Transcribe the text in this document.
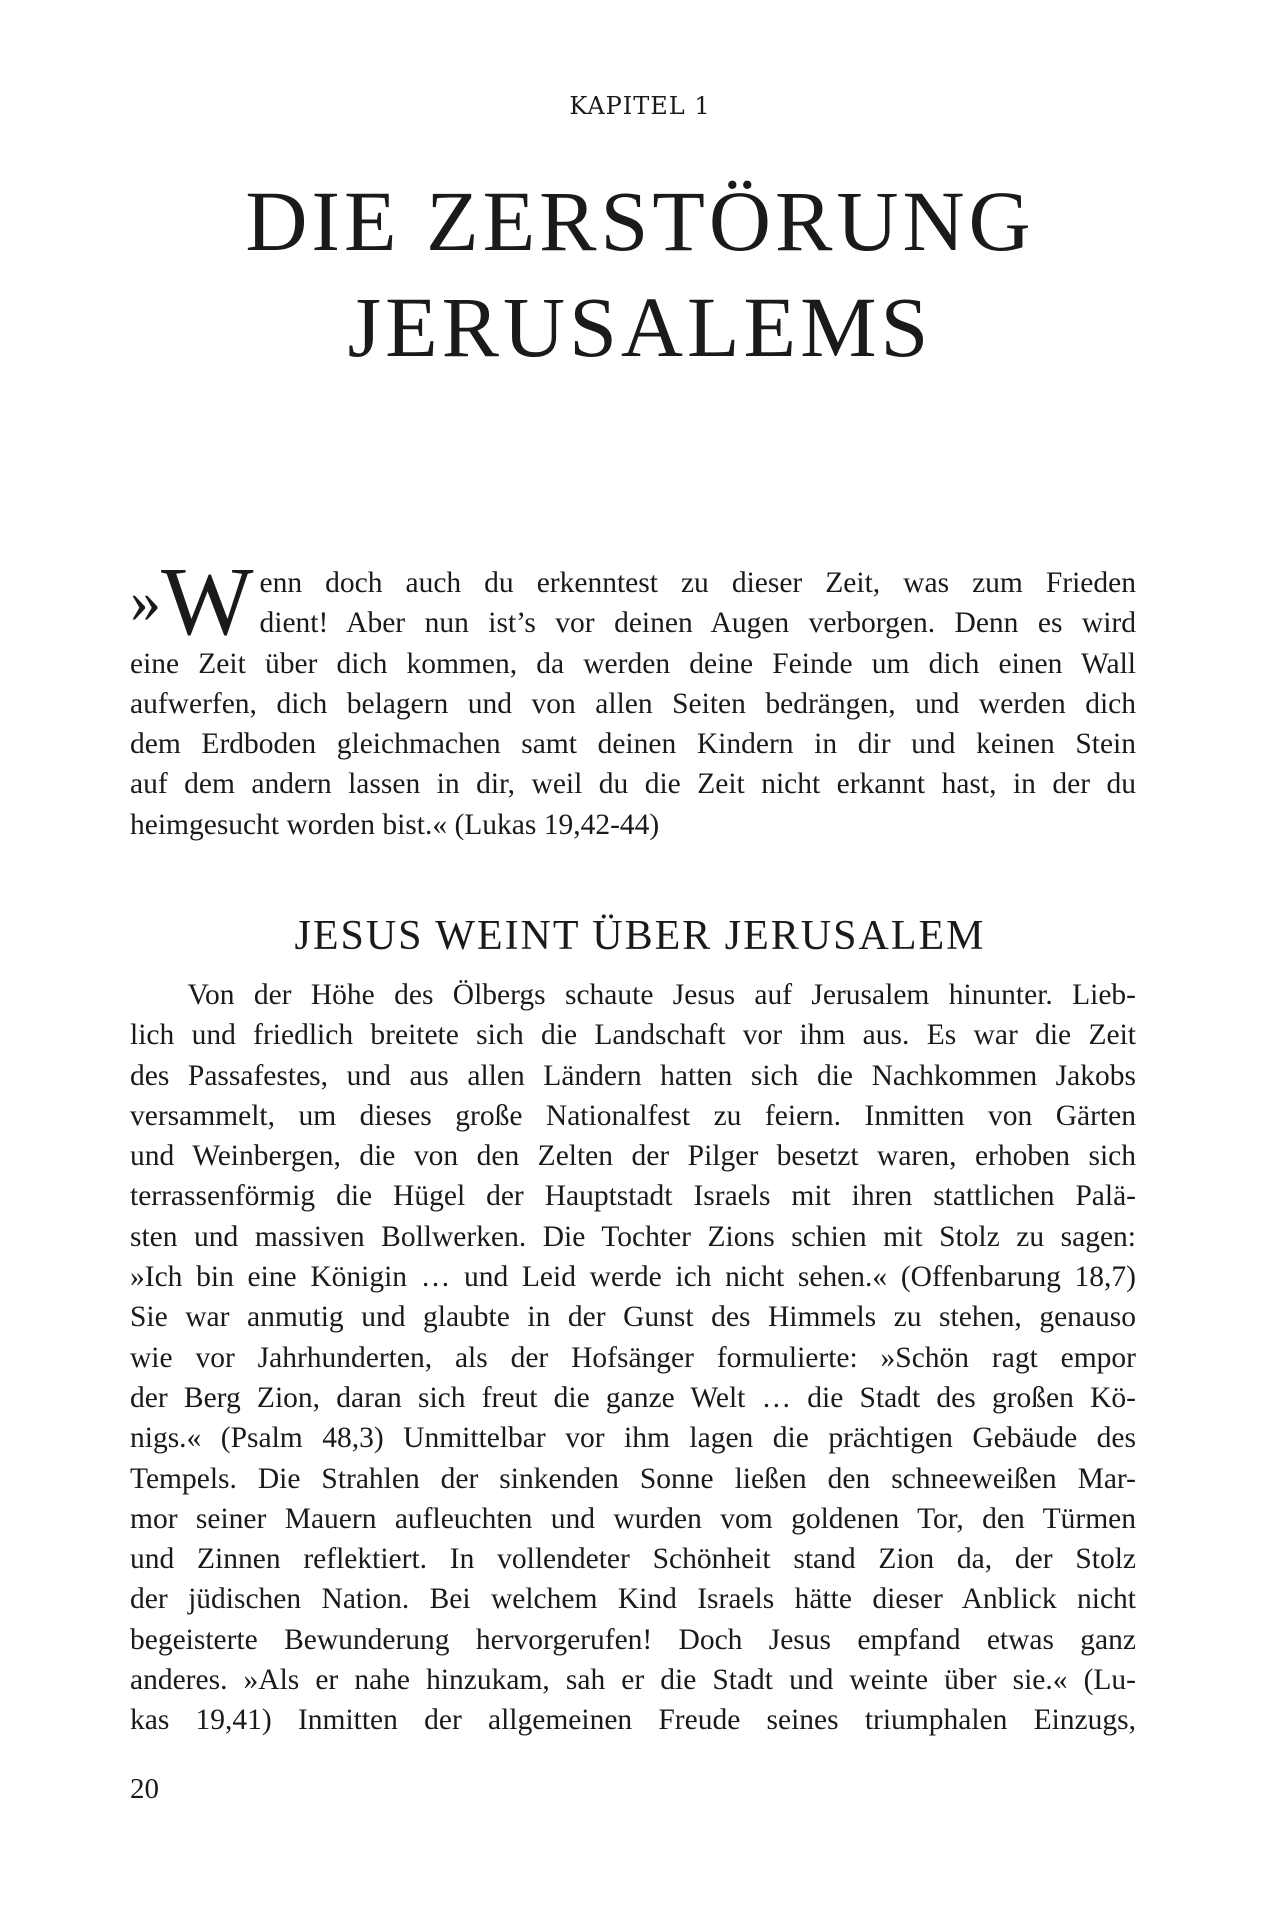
KAPITEL 1
DIE ZERSTÖRUNG
JERUSALEMS
»W enn doch auch du erkenntest zu dieser Zeit, was zum Frieden
dient! Aber nun ist’s vor deinen Augen verborgen. Denn es wird
eine Zeit über dich kommen, da werden deine Feinde um dich einen Wall
aufwerfen, dich belagern und von allen Seiten bedrängen, und werden dich
dem Erdboden gleichmachen samt deinen Kindern in dir und keinen Stein
auf dem andern lassen in dir, weil du die Zeit nicht erkannt hast, in der du
heimgesucht worden bist.« (Lukas 19,42-44)
JESUS WEINT ÜBER JERUSALEM
Von der Höhe des Ölbergs schaute Jesus auf Jerusalem hinunter. Lieb-
lich und friedlich breitete sich die Landschaft vor ihm aus. Es war die Zeit
des Passafestes, und aus allen Ländern hatten sich die Nachkommen Jakobs
versammelt, um dieses große Nationalfest zu feiern. Inmitten von Gärten
und Weinbergen, die von den Zelten der Pilger besetzt waren, erhoben sich
terrassenförmig die Hügel der Hauptstadt Israels mit ihren stattlichen Palä-
sten und massiven Bollwerken. Die Tochter Zions schien mit Stolz zu sagen:
»Ich bin eine Königin … und Leid werde ich nicht sehen.« (Offenbarung 18,7)
Sie war anmutig und glaubte in der Gunst des Himmels zu stehen, genauso
wie vor Jahrhunderten, als der Hofsänger formulierte: »Schön ragt empor
der Berg Zion, daran sich freut die ganze Welt … die Stadt des großen Kö-
nigs.« (Psalm 48,3) Unmittelbar vor ihm lagen die prächtigen Gebäude des
Tempels. Die Strahlen der sinkenden Sonne ließen den schneeweißen Mar-
mor seiner Mauern aufleuchten und wurden vom goldenen Tor, den Türmen
und Zinnen reflektiert. In vollendeter Schönheit stand Zion da, der Stolz
der jüdischen Nation. Bei welchem Kind Israels hätte dieser Anblick nicht
begeisterte Bewunderung hervorgerufen! Doch Jesus empfand etwas ganz
anderes. »Als er nahe hinzukam, sah er die Stadt und weinte über sie.« (Lu-
kas 19,41) Inmitten der allgemeinen Freude seines triumphalen Einzugs,
20
